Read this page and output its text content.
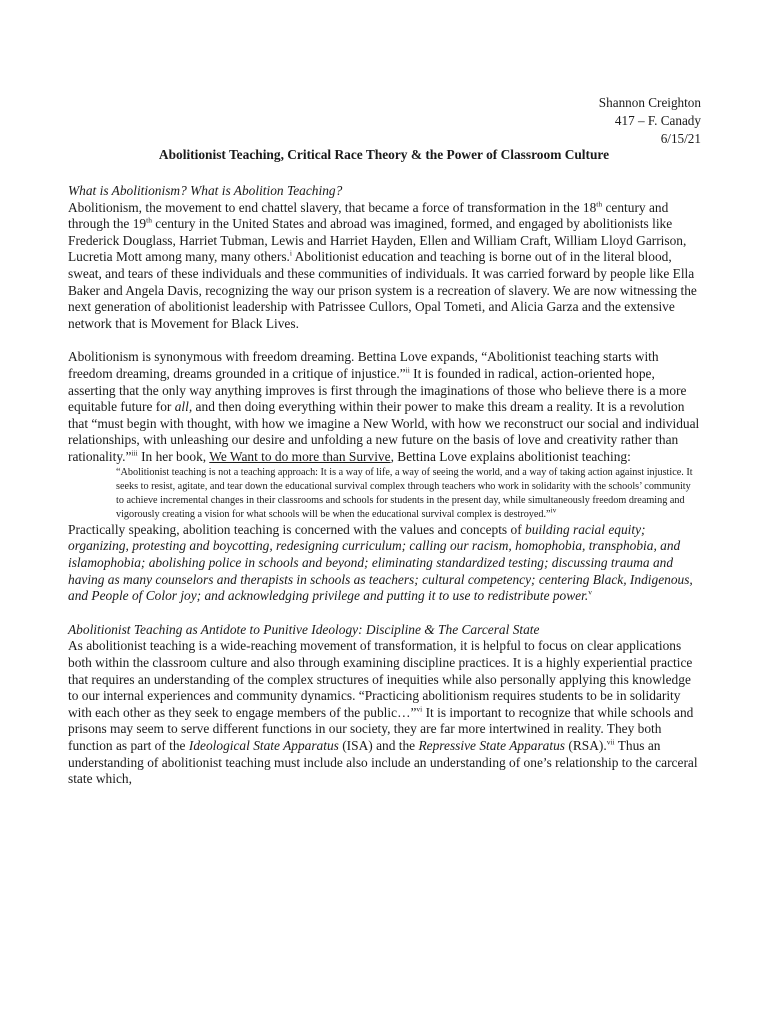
Shannon Creighton
417 – F. Canady
6/15/21
Abolitionist Teaching, Critical Race Theory & the Power of Classroom Culture

What is Abolitionism? What is Abolition Teaching?

Abolitionism, the movement to end chattel slavery, that became a force of transformation in the 18th century and through the 19th century in the United States and abroad was imagined, formed, and engaged by abolitionists like Frederick Douglass, Harriet Tubman, Lewis and Harriet Hayden, Ellen and William Craft, William Lloyd Garrison, Lucretia Mott among many, many others.$^i$ Abolitionist education and teaching is borne out of in the literal blood, sweat, and tears of these individuals and these communities of individuals. It was carried forward by people like Ella Baker and Angela Davis, recognizing the way our prison system is a recreation of slavery. We are now witnessing the next generation of abolitionist leadership with Patrissee Cullors, Opal Tometi, and Alicia Garza and the extensive network that is Movement for Black Lives.

Abolitionism is synonymous with freedom dreaming. Bettina Love expands, “Abolitionist teaching starts with freedom dreaming, dreams grounded in a critique of injustice.”$^{ii}$ It is founded in radical, action-oriented hope, asserting that the only way anything improves is first through the imaginations of those who believe there is a more equitable future for all, and then doing everything within their power to make this dream a reality. It is a revolution that “must begin with thought, with how we imagine a New World, with how we reconstruct our social and individual relationships, with unleashing our desire and unfolding a new future on the basis of love and creativity rather than rationality.”$^{iii}$ In her book, We Want to do more than Survive, Bettina Love explains abolitionist teaching:

“Abolitionist teaching is not a teaching approach: It is a way of life, a way of seeing the world, and a way of taking action against injustice. It seeks to resist, agitate, and tear down the educational survival complex through teachers who work in solidarity with the schools’ community to achieve incremental changes in their classrooms and schools for students in the present day, while simultaneously freedom dreaming and vigorously creating a vision for what schools will be when the educational survival complex is destroyed.”$^{iv}$

Practically speaking, abolition teaching is concerned with the values and concepts of building racial equity; organizing, protesting and boycotting, redesigning curriculum; calling our racism, homophobia, transphobia, and islamophobia; abolishing police in schools and beyond; eliminating standardized testing; discussing trauma and having as many counselors and therapists in schools as teachers; cultural competency; centering Black, Indigenous, and People of Color joy; and acknowledging privilege and putting it to use to redistribute power.$^v$

Abolitionist Teaching as Antidote to Punitive Ideology: Discipline & The Carceral State

As abolitionist teaching is a wide-reaching movement of transformation, it is helpful to focus on clear applications both within the classroom culture and also through examining discipline practices. It is a highly experiential practice that requires an understanding of the complex structures of inequities while also personally applying this knowledge to our internal experiences and community dynamics. “Practicing abolitionism requires students to be in solidarity with each other as they seek to engage members of the public…”$^{vi}$ It is important to recognize that while schools and prisons may seem to serve different functions in our society, they are far more intertwined in reality. They both function as part of the Ideological State Apparatus (ISA) and the Repressive State Apparatus (RSA).$^{vii}$ Thus an understanding of abolitionist teaching must include also include an understanding of one’s relationship to the carceral state which,
